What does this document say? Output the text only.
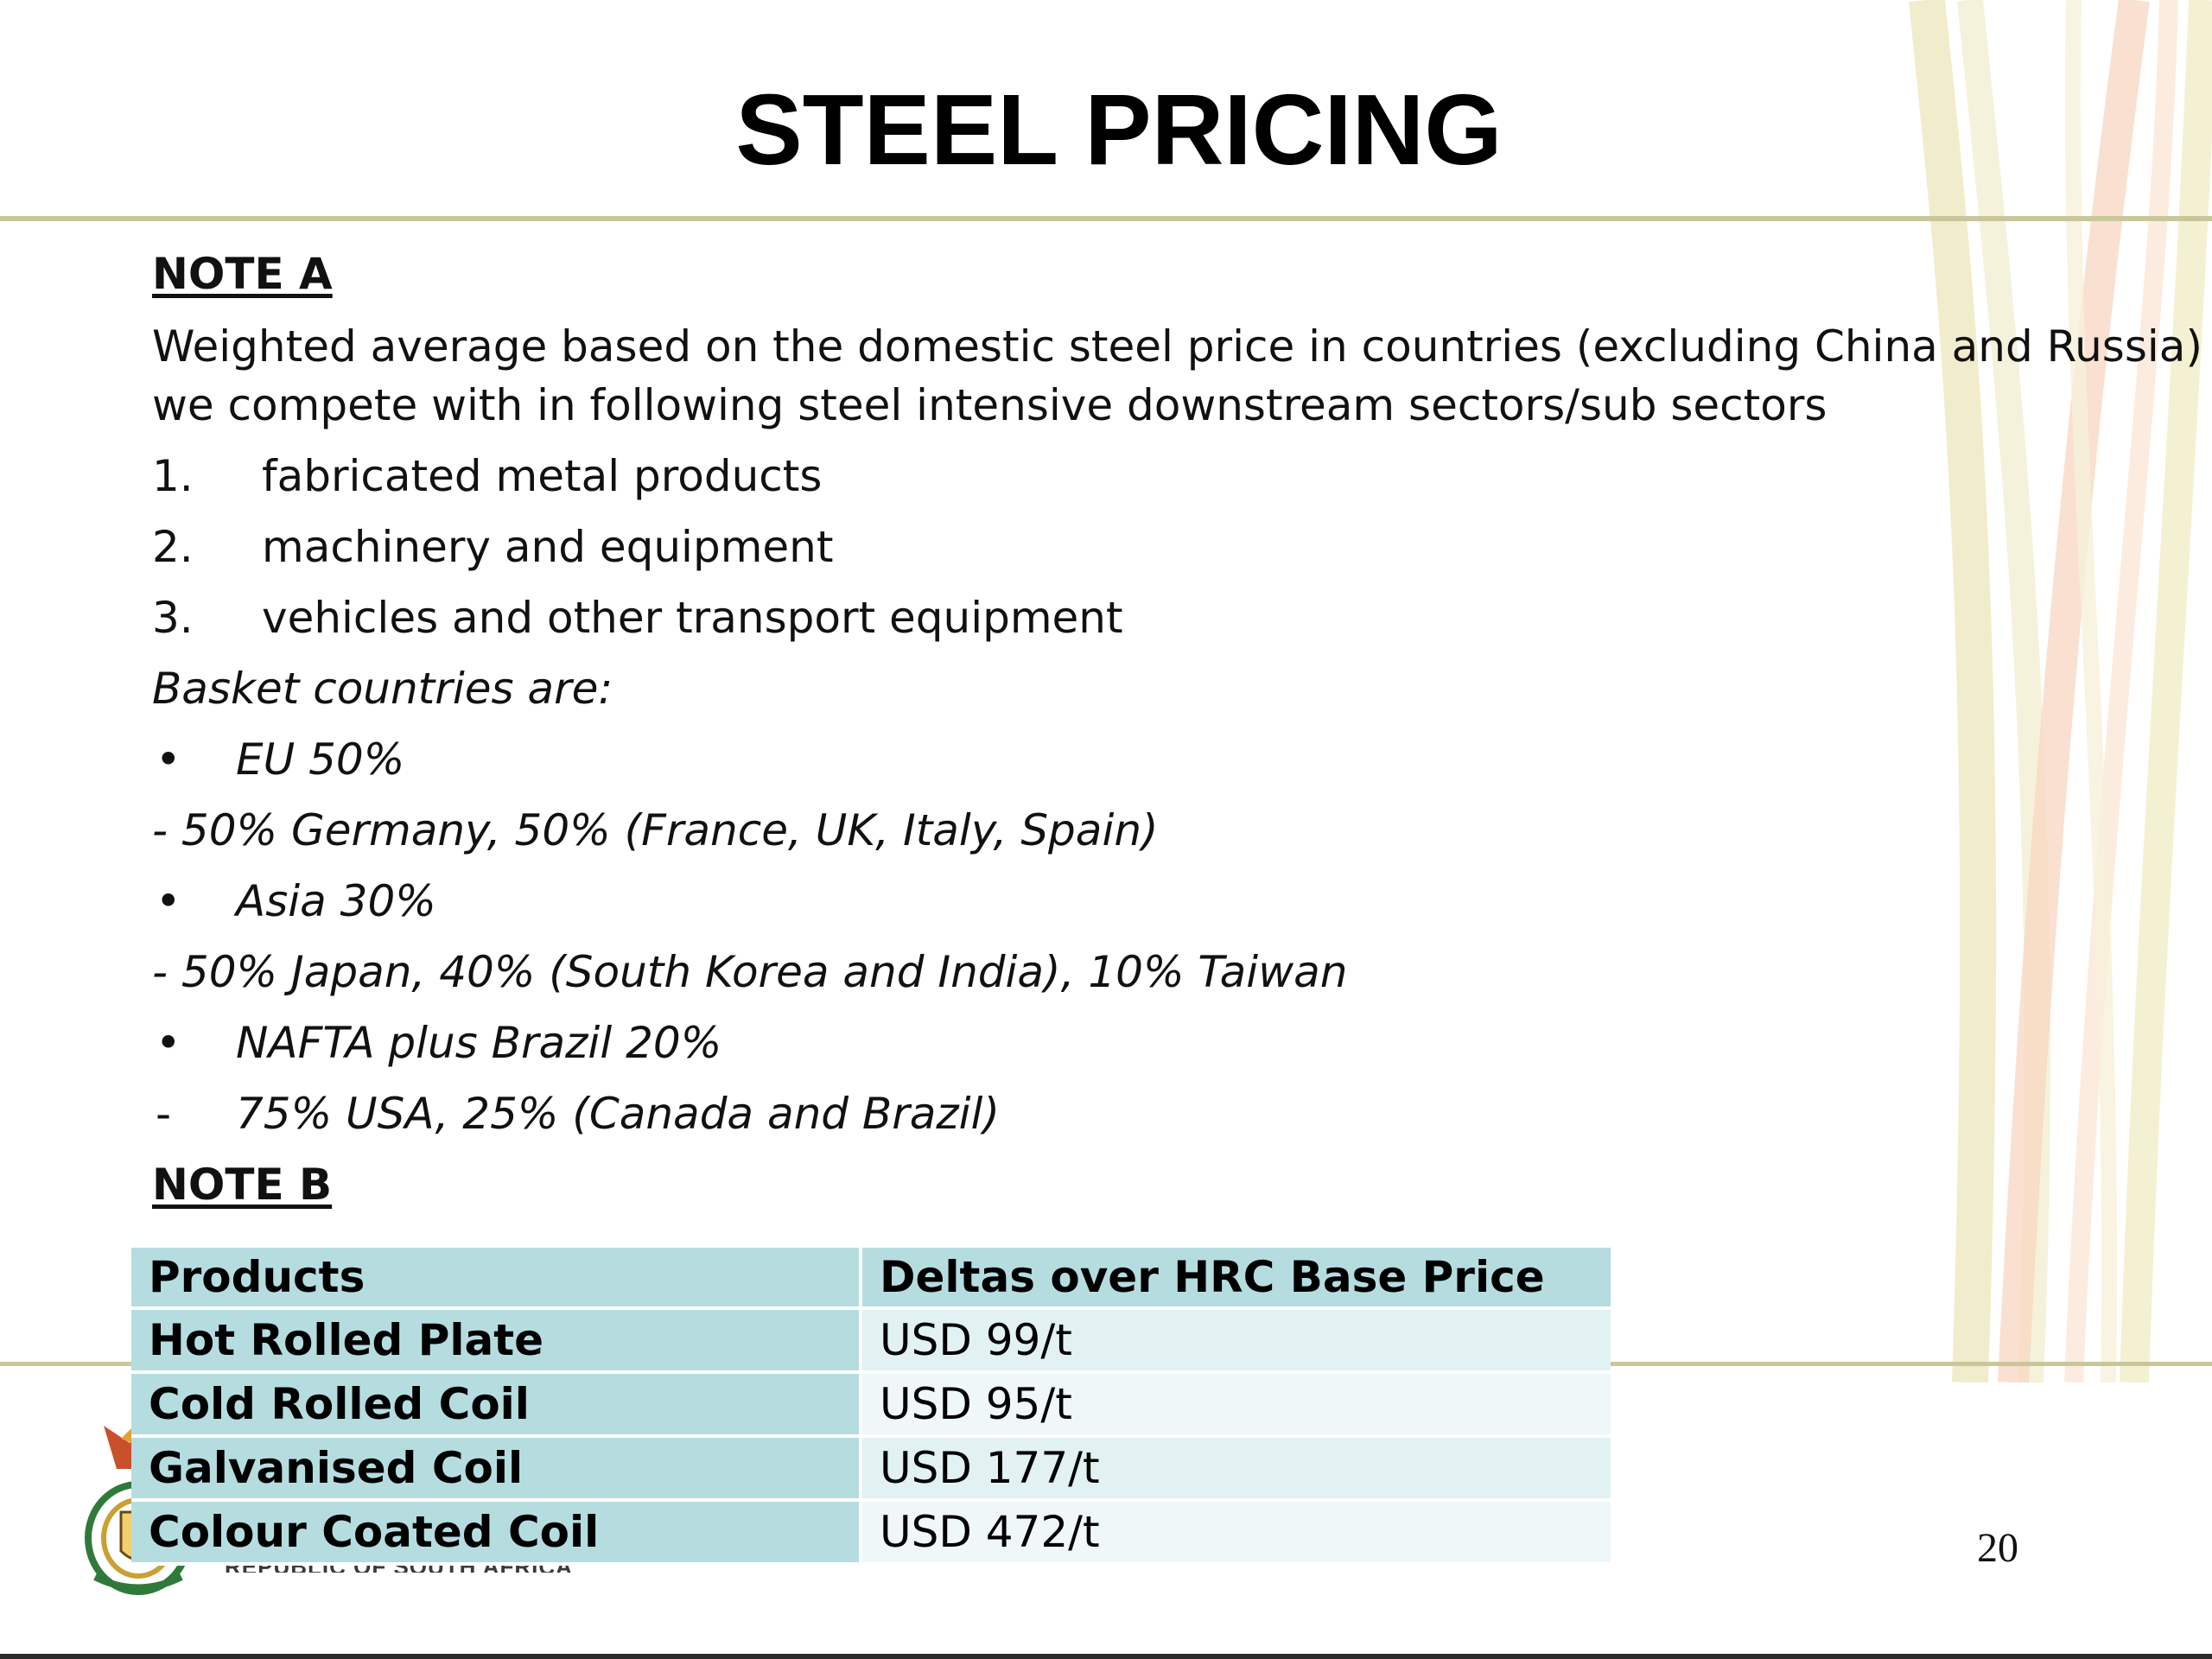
STEEL PRICING
NOTE A
Weighted average based on the domestic steel price in countries (excluding China and Russia)
we compete with in following steel intensive downstream sectors/sub sectors
1. fabricated metal products
2. machinery and equipment
3. vehicles and other transport equipment
Basket countries are:
• EU 50%
- 50% Germany, 50% (France, UK, Italy, Spain)
• Asia 30%
- 50% Japan, 40% (South Korea and India), 10% Taiwan
• NAFTA plus Brazil 20%
- 75% USA, 25% (Canada and Brazil)
NOTE B
Products	Deltas over HRC Base Price
Hot Rolled Plate	USD 99/t
Cold Rolled Coil	USD 95/t
Galvanised Coil	USD 177/t
Colour Coated Coil	USD 472/t	20
